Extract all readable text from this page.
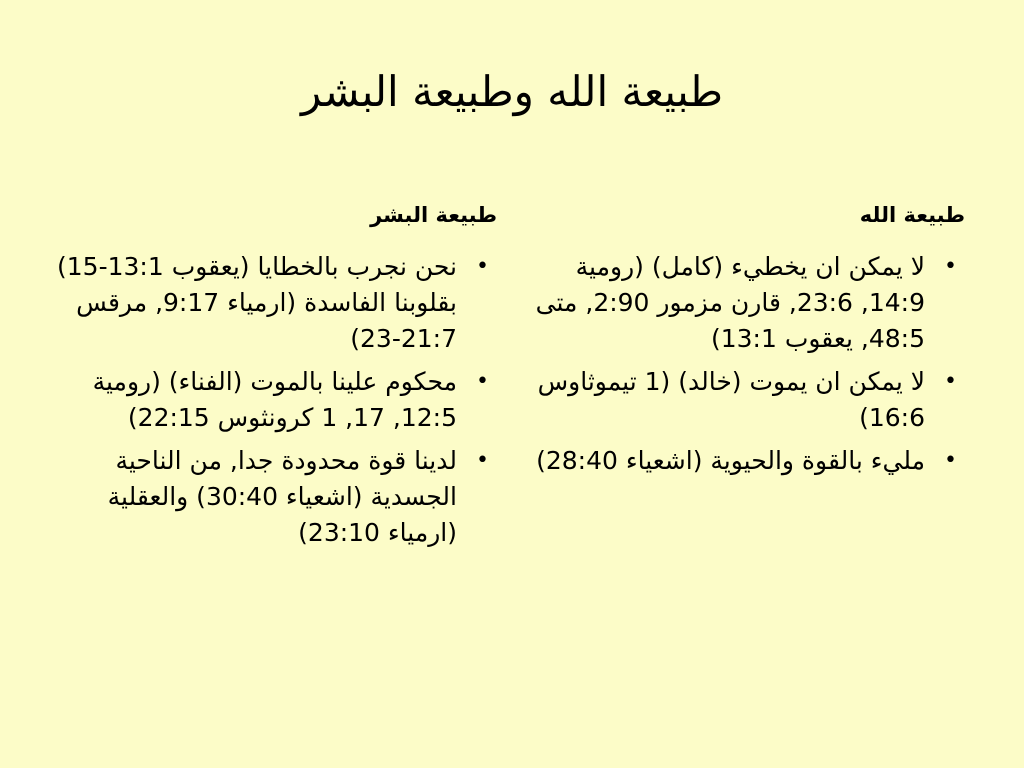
طبيعة الله وطبيعة البشر
طبيعة الله
•
لا يمكن ان يخطيء (كامل) (رومية 14:9, 23:6, قارن مزمور 2:90, متى 48:5, يعقوب 13:1)
•
لا يمكن ان يموت (خالد) (1 تيموثاوس 16:6)
•
مليء بالقوة والحيوية (اشعياء 28:40)
طبيعة البشر
•
نحن نجرب بالخطايا (يعقوب 13:1-15) بقلوبنا الفاسدة (ارمياء 9:17, مرقس 21:7-23)
•
محكوم علينا بالموت (الفناء) (رومية 12:5, 17, 1 كرونثوس 22:15)
•
لدينا قوة محدودة جدا, من الناحية الجسدية (اشعياء 30:40) والعقلية (ارمياء 23:10)
